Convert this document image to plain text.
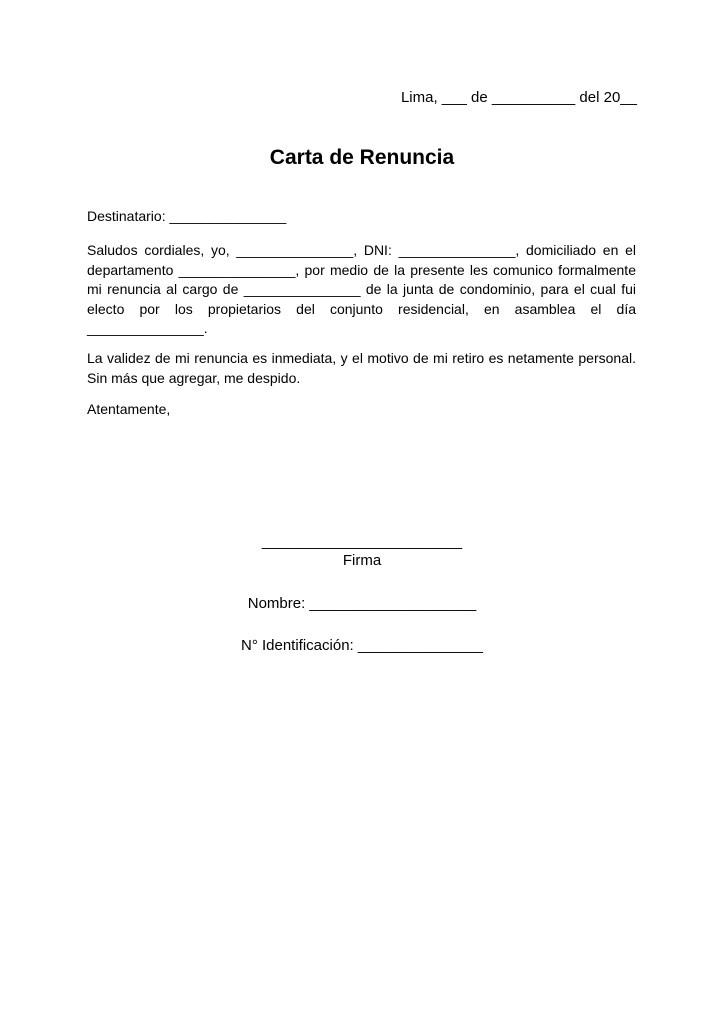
Lima, ___ de __________ del 20__
Carta de Renuncia

Destinatario: _______________

Saludos cordiales, yo, _______________, DNI: _______________, domiciliado en el departamento _______________, por medio de la presente les comunico formalmente mi renuncia al cargo de _______________ de la junta de condominio, para el cual fui electo por los propietarios del conjunto residencial, en asamblea el día _______________.

La validez de mi renuncia es inmediata, y el motivo de mi retiro es netamente personal. Sin más que agregar, me despido.

Atentamente,

________________________
Firma
Nombre: ____________________
N° Identificación: _______________
